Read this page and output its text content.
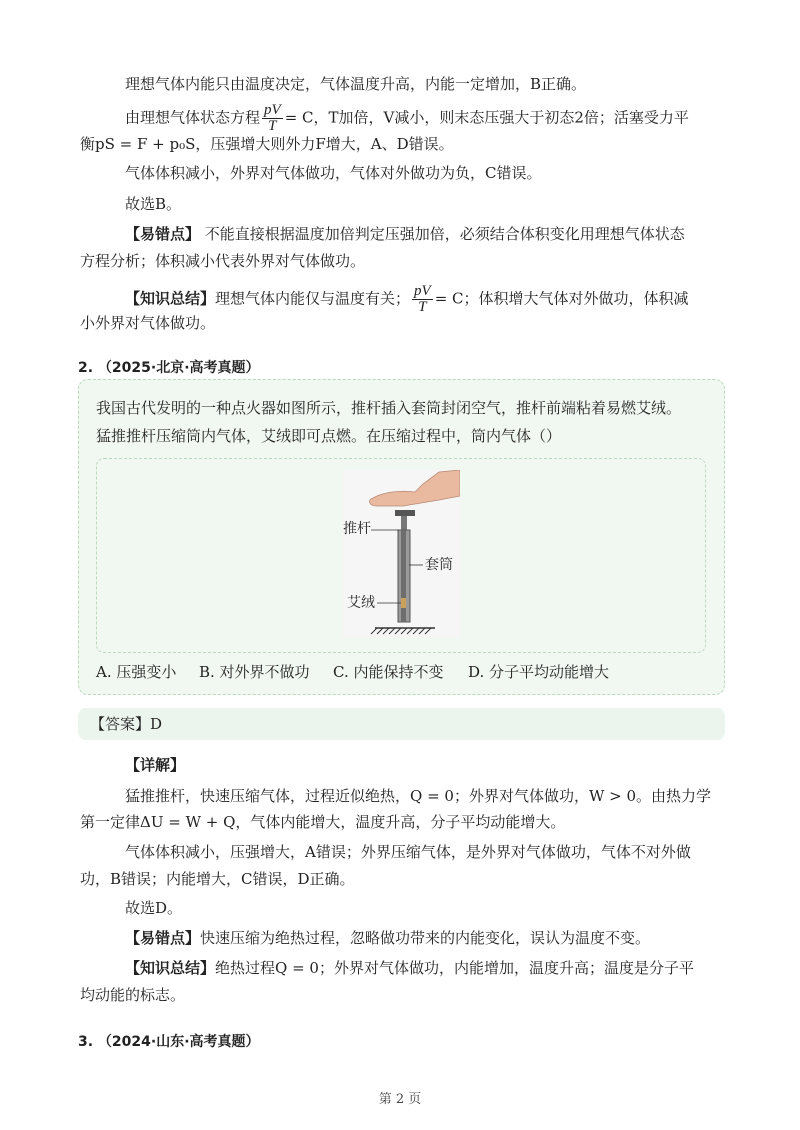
理想气体内能只由温度决定，气体温度升高，内能一定增加，B正确。
由理想气体状态方程 $\frac{pV}{T} = C$，T加倍，V减小，则末态压强大于初态2倍；活塞受力平
衡pS = F + p₀S，压强增大则外力F增大，A、D错误。
气体体积减小，外界对气体做功，气体对外做功为负，C错误。
故选B。
【易错点】 不能直接根据温度加倍判定压强加倍，必须结合体积变化用理想气体状态
方程分析；体积减小代表外界对气体做功。
【知识总结】理想气体内能仅与温度有关； $\frac{pV}{T} = C$；体积增大气体对外做功，体积减
小外界对气体做功。
2. （2025·北京·高考真题）
我国古代发明的一种点火器如图所示，推杆插入套筒封闭空气，推杆前端粘着易燃艾绒。
猛推推杆压缩筒内气体，艾绒即可点燃。在压缩过程中，筒内气体（）
推杆
套筒
艾绒
A. 压强变小 B. 对外界不做功 C. 内能保持不变 D. 分子平均动能增大
【答案】D
【详解】
猛推推杆，快速压缩气体，过程近似绝热，Q = 0；外界对气体做功，W > 0。由热力学
第一定律ΔU = W + Q，气体内能增大，温度升高，分子平均动能增大。
气体体积减小，压强增大，A错误；外界压缩气体，是外界对气体做功，气体不对外做
功，B错误；内能增大，C错误，D正确。
故选D。
【易错点】快速压缩为绝热过程，忽略做功带来的内能变化，误认为温度不变。
【知识总结】绝热过程Q = 0；外界对气体做功，内能增加，温度升高；温度是分子平
均动能的标志。
3. （2024·山东·高考真题）
第 2 页
